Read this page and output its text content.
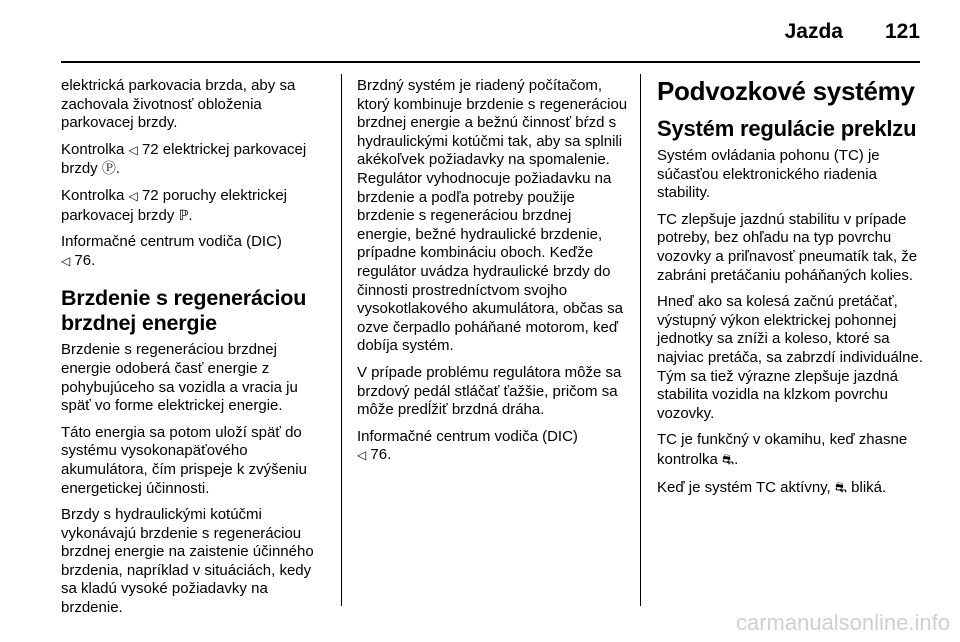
Jazda 121

elektrická parkovacia brzda, aby sa zachovala životnosť obloženia parkovacej brzdy.

Kontrolka ◁ 72 elektrickej parkovacej brzdy Ⓟ.

Kontrolka ◁ 72 poruchy elektrickej parkovacej brzdy ℙ.

Informačné centrum vodiča (DIC)
◁ 76.

Brzdenie s regeneráciou brzdnej energie

Brzdenie s regeneráciou brzdnej energie odoberá časť energie z pohybujúceho sa vozidla a vracia ju späť vo forme elektrickej energie.

Táto energia sa potom uloží späť do systému vysokonapäťového akumulátora, čím prispeje k zvýšeniu energetickej účinnosti.

Brzdy s hydraulickými kotúčmi vykonávajú brzdenie s regeneráciou brzdnej energie na zaistenie účinného brzdenia, napríklad v situáciách, kedy sa kladú vysoké požiadavky na brzdenie.

Brzdný systém je riadený počítačom, ktorý kombinuje brzdenie s regeneráciou brzdnej energie a bežnú činnosť bŕzd s hydraulickými kotúčmi tak, aby sa splnili akékoľvek požiadavky na spomalenie. Regulátor vyhodnocuje požiadavku na brzdenie a podľa potreby použije brzdenie s regeneráciou brzdnej energie, bežné hydraulické brzdenie, prípadne kombináciu oboch. Keďže regulátor uvádza hydraulické brzdy do činnosti prostredníctvom svojho vysokotlakového akumulátora, občas sa ozve čerpadlo poháňané motorom, keď dobíja systém.

V prípade problému regulátora môže sa brzdový pedál stláčať ťažšie, pričom sa môže predĺžiť brzdná dráha.

Informačné centrum vodiča (DIC)
◁ 76.

Podvozkové systémy
Systém regulácie preklzu

Systém ovládania pohonu (TC) je súčasťou elektronického riadenia stability.

TC zlepšuje jazdnú stabilitu v prípade potreby, bez ohľadu na typ povrchu vozovky a priľnavosť pneumatík tak, že zabráni pretáčaniu poháňaných kolies.

Hneď ako sa kolesá začnú pretáčať, výstupný výkon elektrickej pohonnej jednotky sa zníži a koleso, ktoré sa najviac pretáča, sa zabrzdí individuálne. Tým sa tiež výrazne zlepšuje jazdná stabilita vozidla na klzkom povrchu vozovky.

TC je funkčný v okamihu, keď zhasne kontrolka ⛐.

Keď je systém TC aktívny, ⛐ bliká.

carmanualsonline.info
